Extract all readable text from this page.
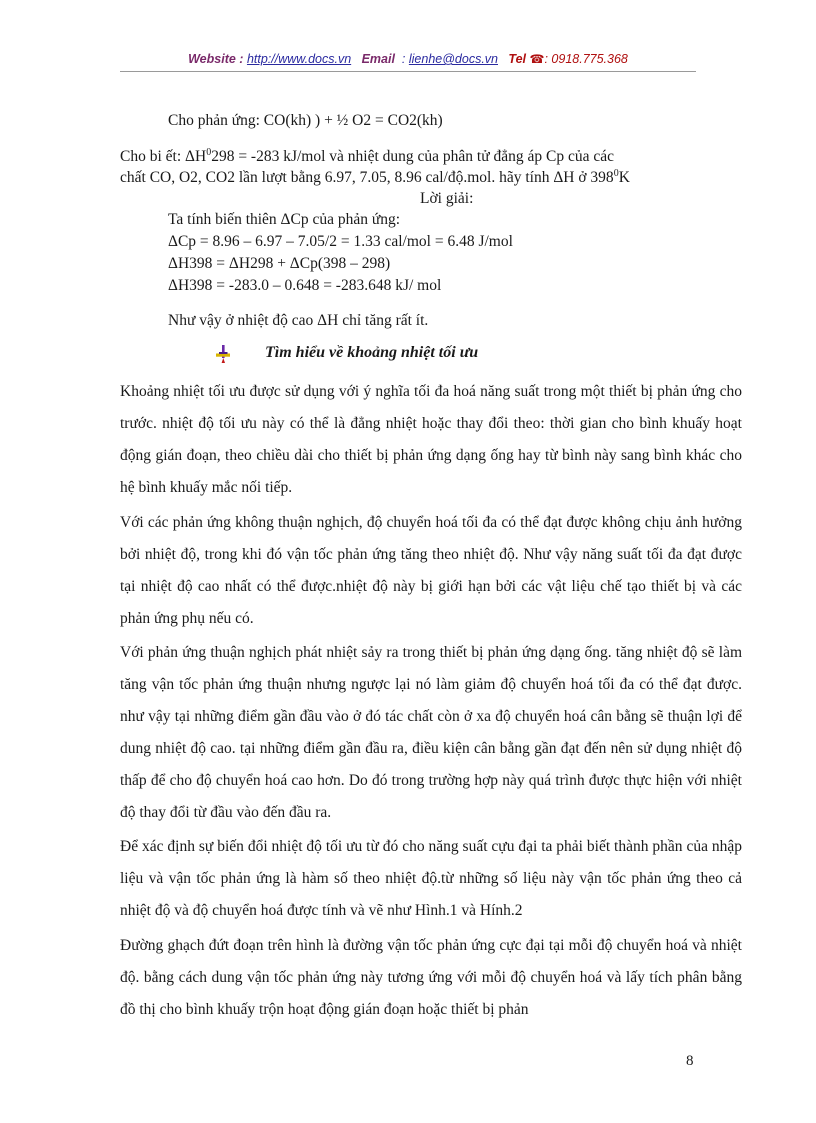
Website : http://www.docs.vn Email : lienhe@docs.vn Tel ☎: 0918.775.368
Cho phản ứng: CO(kh) ) + ½ O2 = CO2(kh)
Cho bi ết: $\Delta H^0298 = -283$ kJ/mol và nhiệt dung của phân tử đẳng áp Cp của các
chất CO, O2, CO2 lần lượt bằng 6.97, 7.05, 8.96 cal/độ.mol. hãy tính ΔH ở $398^0K$
Lời giải:
Ta tính biến thiên ΔCp của phản ứng:
ΔCp = 8.96 – 6.97 – 7.05/2 = 1.33 cal/mol = 6.48 J/mol
ΔH398 = ΔH298 + ΔCp(398 – 298)
ΔH398 = -283.0 – 0.648 = -283.648 kJ/ mol
Như vậy ở nhiệt độ cao ΔH chỉ tăng rất ít.
Tìm hiểu về khoảng nhiệt tối ưu
Khoảng nhiệt tối ưu được sử dụng với ý nghĩa tối đa hoá năng suất trong một thiết bị phản ứng cho trước. nhiệt độ tối ưu này có thể là đẳng nhiệt hoặc thay đổi theo: thời gian cho bình khuấy hoạt động gián đoạn, theo chiều dài cho thiết bị phản ứng dạng ống hay từ bình này sang bình khác cho hệ bình khuấy mắc nối tiếp.
Với các phản ứng không thuận nghịch, độ chuyển hoá tối đa có thể đạt được không chịu ảnh hưởng bởi nhiệt độ, trong khi đó vận tốc phản ứng tăng theo nhiệt độ. Như vậy năng suất tối đa đạt được tại nhiệt độ cao nhất có thể được.nhiệt độ này bị giới hạn bởi các vật liệu chế tạo thiết bị và các phản ứng phụ nếu có.
Với phản ứng thuận nghịch phát nhiệt sảy ra trong thiết bị phản ứng dạng ống. tăng nhiệt độ sẽ làm tăng vận tốc phản ứng thuận nhưng ngược lại nó làm giảm độ chuyển hoá tối đa có thể đạt được. như vậy tại những điểm gần đầu vào ở đó tác chất còn ở xa độ chuyển hoá cân bằng sẽ thuận lợi để dung nhiệt độ cao. tại những điểm gần đầu ra, điều kiện cân bằng gần đạt đến nên sử dụng nhiệt độ thấp để cho độ chuyển hoá cao hơn. Do đó trong trường hợp này quá trình được thực hiện với nhiệt độ thay đổi từ đầu vào đến đầu ra.
Để xác định sự biến đổi nhiệt độ tối ưu từ đó cho năng suất cựu đại ta phải biết thành phần của nhập liệu và vận tốc phản ứng là hàm số theo nhiệt độ.từ những số liệu này vận tốc phản ứng theo cả nhiệt độ và độ chuyển hoá được tính và vẽ như Hình.1 và Hính.2
Đường ghạch đứt đoạn trên hình là đường vận tốc phản ứng cực đại tại mỗi độ chuyển hoá và nhiệt độ. bằng cách dung vận tốc phản ứng này tương ứng với mỗi độ chuyển hoá và lấy tích phân bằng đồ thị cho bình khuấy trộn hoạt động gián đoạn hoặc thiết bị phản
8
